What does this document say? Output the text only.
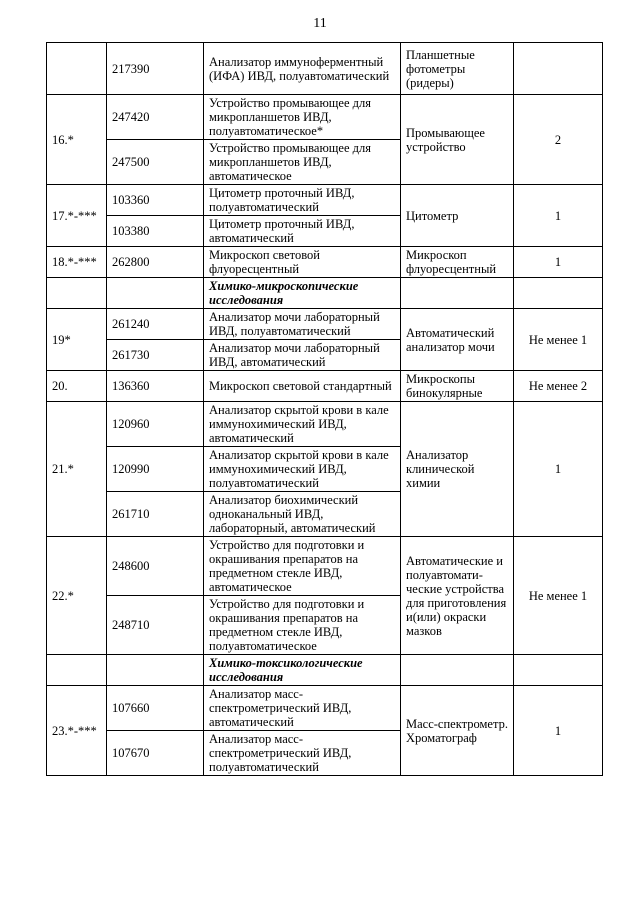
11
	217390	Анализатор иммуноферментный (ИФА) ИВД, полуавтоматический	Планшетные фотометры (ридеры)	
16.*	247420	Устройство промывающее для микропланшетов ИВД, полуавтоматическое*	Промывающее устройство	2
	247500	Устройство промывающее для микропланшетов ИВД, автоматическое		
17.*-***	103360	Цитометр проточный ИВД, полуавтоматический	Цитометр	1
	103380	Цитометр проточный ИВД, автоматический		
18.*-***	262800	Микроскоп световой флуоресцентный	Микроскоп флуоресцентный	1
		Химико-микроскопические исследования		
19*	261240	Анализатор мочи лабораторный ИВД, полуавтоматический	Автоматический анализатор мочи	Не менее 1
	261730	Анализатор мочи лабораторный ИВД, автоматический		
20.	136360	Микроскоп световой стандартный	Микроскопы бинокулярные	Не менее 2
21.*	120960	Анализатор скрытой крови в кале иммунохимический ИВД, автоматический	Анализатор клинической химии	1
	120990	Анализатор скрытой крови в кале иммунохимический ИВД, полуавтоматический		
	261710	Анализатор биохимический одноканальный ИВД, лабораторный, автоматический		
22.*	248600	Устройство для подготовки и окрашивания препаратов на предметном стекле ИВД, автоматическое	Автоматические и полуавтомати-ческие устройства для приготовления и(или) окраски мазков	Не менее 1
	248710	Устройство для подготовки и окрашивания препаратов на предметном стекле ИВД, полуавтоматическое		
		Химико-токсикологические исследования		
23.*-***	107660	Анализатор масс-спектрометрический ИВД, автоматический	Масс-спектрометр. Хроматограф	1
	107670	Анализатор масс-спектрометрический ИВД, полуавтоматический		
